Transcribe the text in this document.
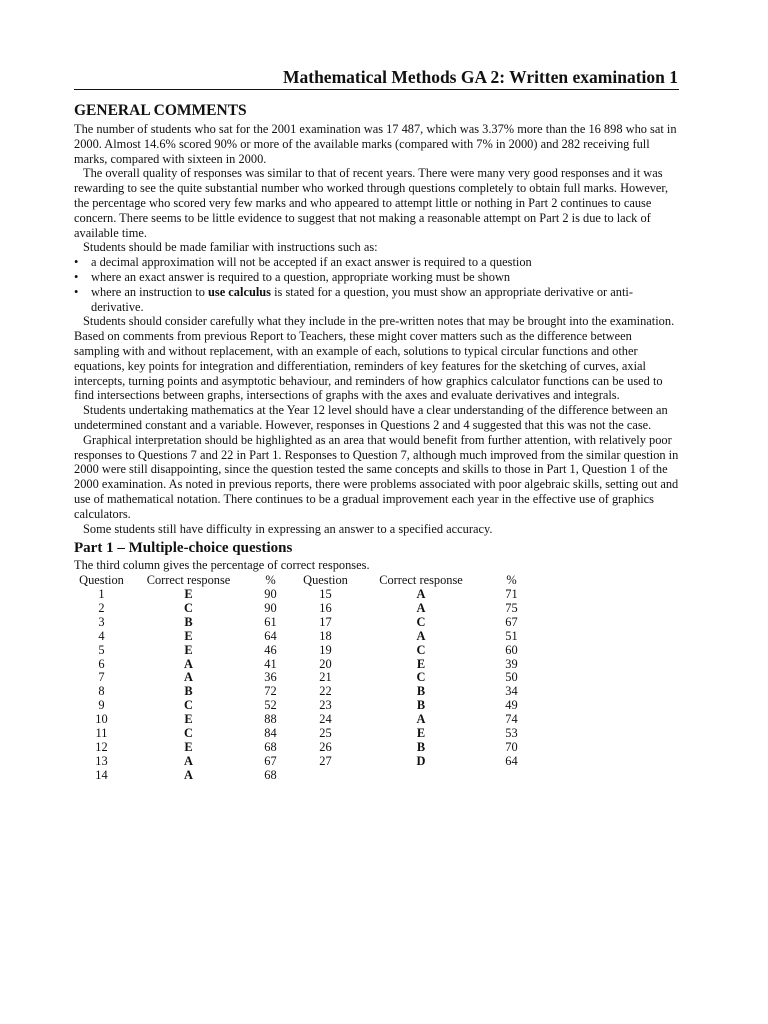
Mathematical Methods GA 2: Written examination 1
GENERAL COMMENTS

The number of students who sat for the 2001 examination was 17 487, which was 3.37% more than the 16 898 who sat in 2000. Almost 14.6% scored 90% or more of the available marks (compared with 7% in 2000) and 282 receiving full marks, compared with sixteen in 2000.

The overall quality of responses was similar to that of recent years. There were many very good responses and it was rewarding to see the quite substantial number who worked through questions completely to obtain full marks. However, the percentage who scored very few marks and who appeared to attempt little or nothing in Part 2 continues to cause concern. There seems to be little evidence to suggest that not making a reasonable attempt on Part 2 is due to lack of available time.

Students should be made familiar with instructions such as:

• a decimal approximation will not be accepted if an exact answer is required to a question
• where an exact answer is required to a question, appropriate working must be shown
• where an instruction to use calculus is stated for a question, you must show an appropriate derivative or anti-derivative.

Students should consider carefully what they include in the pre-written notes that may be brought into the examination. Based on comments from previous Report to Teachers, these might cover matters such as the difference between sampling with and without replacement, with an example of each, solutions to typical circular functions and other equations, key points for integration and differentiation, reminders of key features for the sketching of curves, axial intercepts, turning points and asymptotic behaviour, and reminders of how graphics calculator functions can be used to find intersections between graphs, intersections of graphs with the axes and evaluate derivatives and integrals.

Students undertaking mathematics at the Year 12 level should have a clear understanding of the difference between an undetermined constant and a variable. However, responses in Questions 2 and 4 suggested that this was not the case.

Graphical interpretation should be highlighted as an area that would benefit from further attention, with relatively poor responses to Questions 7 and 22 in Part 1. Responses to Question 7, although much improved from the similar question in 2000 were still disappointing, since the question tested the same concepts and skills to those in Part 1, Question 1 of the 2000 examination. As noted in previous reports, there were problems associated with poor algebraic skills, setting out and use of mathematical notation. There continues to be a gradual improvement each year in the effective use of graphics calculators.

Some students still have difficulty in expressing an answer to a specified accuracy.

Part 1 – Multiple-choice questions

The third column gives the percentage of correct responses.

Question	Correct response	%	Question	Correct response	%
1	E	90	15	A	71
2	C	90	16	A	75
3	B	61	17	C	67
4	E	64	18	A	51
5	E	46	19	C	60
6	A	41	20	E	39
7	A	36	21	C	50
8	B	72	22	B	34
9	C	52	23	B	49
10	E	88	24	A	74
11	C	84	25	E	53
12	E	68	26	B	70
13	A	67	27	D	64
14	A	68			
